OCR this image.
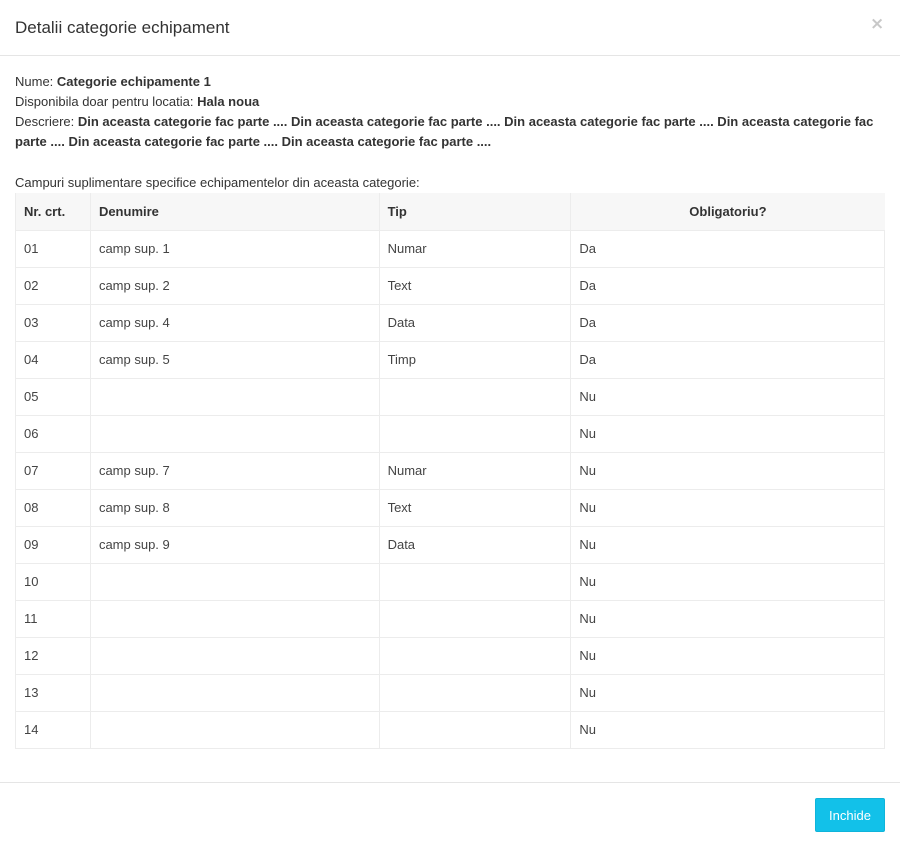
Detalii categorie echipament	×
Nume: Categorie echipamente 1
Disponibila doar pentru locatia: Hala noua
Descriere: Din aceasta categorie fac parte .... Din aceasta categorie fac parte .... Din aceasta categorie fac parte .... Din aceasta categorie fac parte .... Din aceasta categorie fac parte .... Din aceasta categorie fac parte ....
Campuri suplimentare specifice echipamentelor din aceasta categorie:
Nr. crt.	Denumire	Tip	Obligatoriu?
01	camp sup. 1	Numar	Da
02	camp sup. 2	Text	Da
03	camp sup. 4	Data	Da
04	camp sup. 5	Timp	Da
05			Nu
06			Nu
07	camp sup. 7	Numar	Nu
08	camp sup. 8	Text	Nu
09	camp sup. 9	Data	Nu
10			Nu
11			Nu
12			Nu
13			Nu
14			Nu
Inchide
